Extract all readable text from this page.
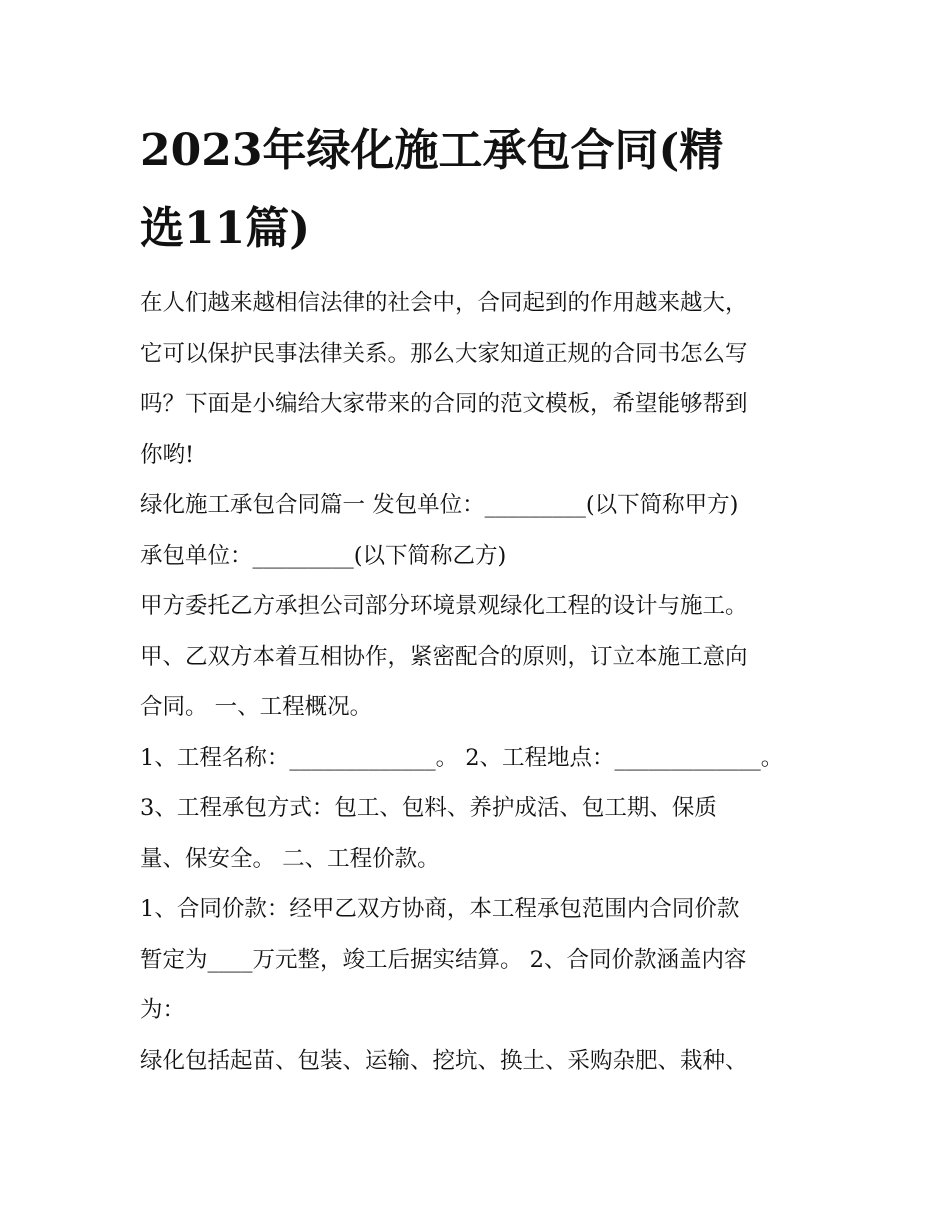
2023年绿化施工承包合同(精
选11篇)

在人们越来越相信法律的社会中，合同起到的作用越来越大，

它可以保护民事法律关系。那么大家知道正规的合同书怎么写

吗？下面是小编给大家带来的合同的范文模板，希望能够帮到

你哟!

绿化施工承包合同篇一 发包单位：_________(以下简称甲方)

承包单位：_________(以下简称乙方)

甲方委托乙方承担公司部分环境景观绿化工程的设计与施工。

甲、乙双方本着互相协作，紧密配合的原则，订立本施工意向

合同。 一、工程概况。

1、工程名称：_____________。 2、工程地点：_____________。

3、工程承包方式：包工、包料、养护成活、包工期、保质

量、保安全。 二、工程价款。

1、合同价款：经甲乙双方协商，本工程承包范围内合同价款

暂定为____万元整，竣工后据实结算。 2、合同价款涵盖内容

为：

绿化包括起苗、包装、运输、挖坑、换土、采购杂肥、栽种、
